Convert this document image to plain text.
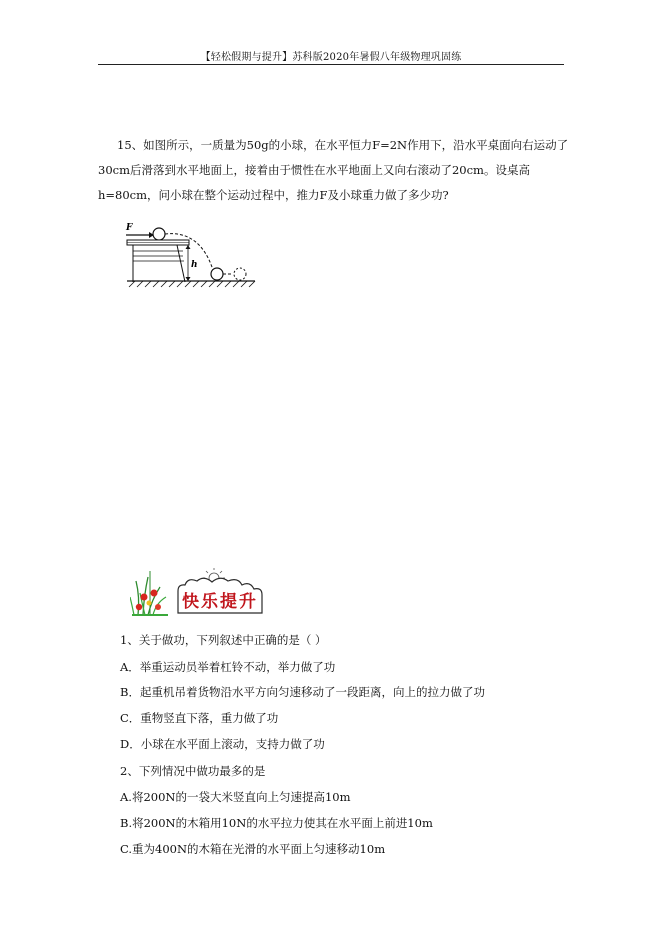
【轻松假期与提升】苏科版2020年暑假八年级物理巩固练
15、如图所示，一质量为50g的小球，在水平恒力F=2N作用下，沿水平桌面向右运动了30cm后滑落到水平地面上，接着由于惯性在水平地面上又向右滚动了20cm。设桌高h=80cm，问小球在整个运动过程中，推力F及小球重力做了多少功?
F
h
快乐提升
1、关于做功，下列叙述中正确的是（ ）
A．举重运动员举着杠铃不动，举力做了功
B．起重机吊着货物沿水平方向匀速移动了一段距离，向上的拉力做了功
C．重物竖直下落，重力做了功
D．小球在水平面上滚动，支持力做了功
2、下列情况中做功最多的是
A.将200N的一袋大米竖直向上匀速提高10m
B.将200N的木箱用10N的水平拉力使其在水平面上前进10m
C.重为400N的木箱在光滑的水平面上匀速移动10m
